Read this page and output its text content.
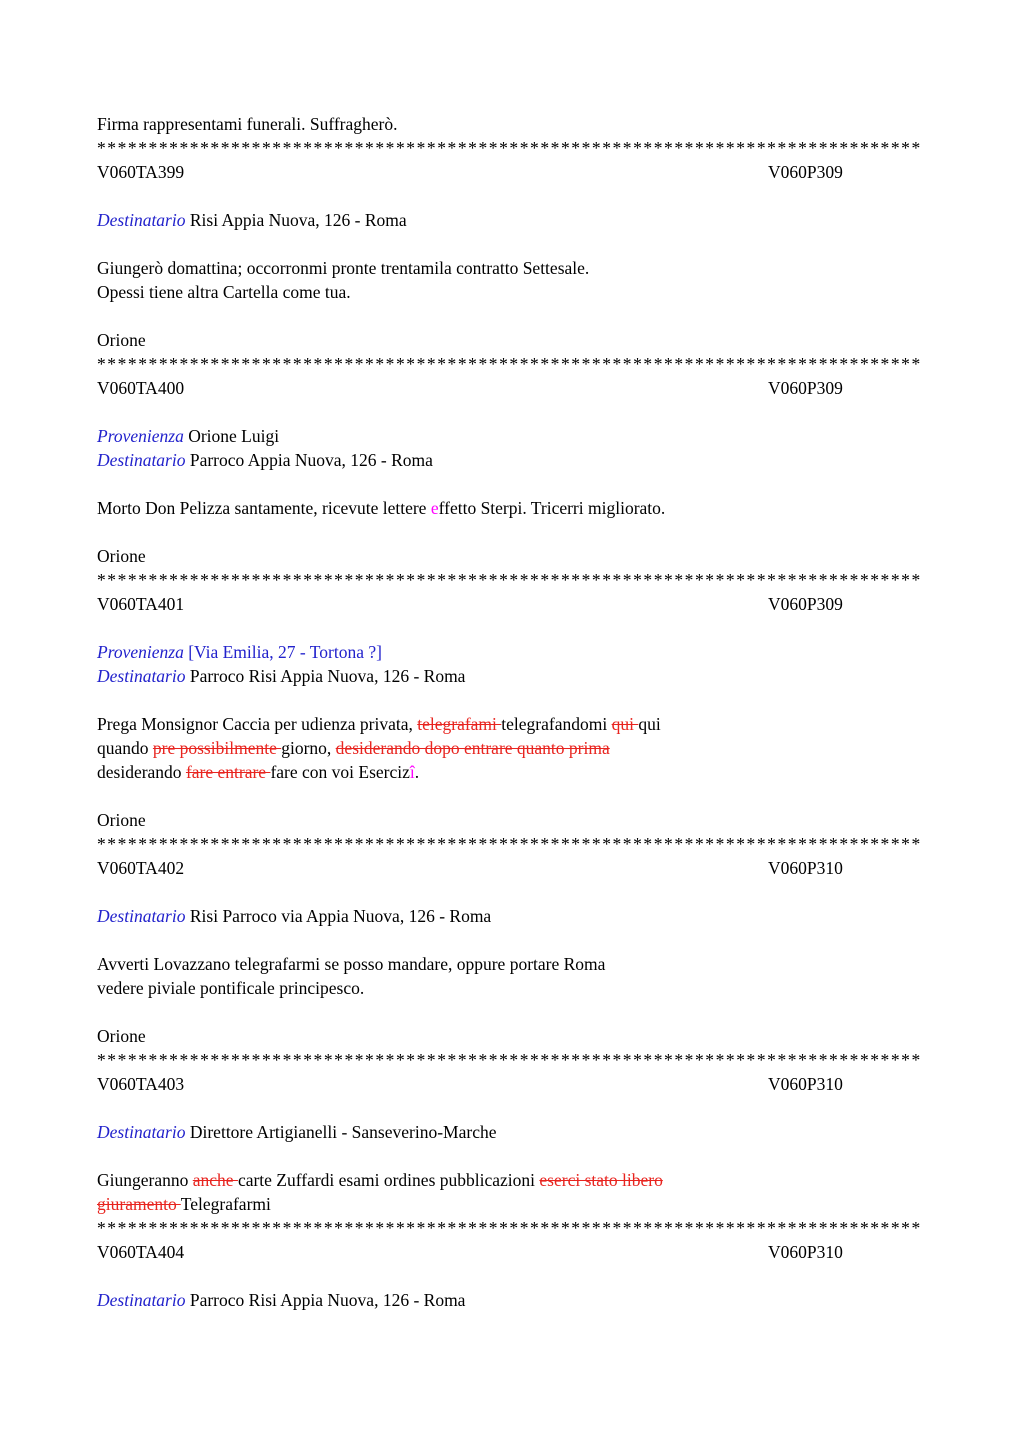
Firma rappresentami funerali. Suffragherò.
********************************************************************************
V060TA399	V060P309
Destinatario Risi Appia Nuova, 126 - Roma
Giungerò domattina; occorronmi pronte trentamila contratto Settesale.
Opessi tiene altra Cartella come tua.
Orione
********************************************************************************
V060TA400	V060P309
Provenienza Orione Luigi
Destinatario Parroco Appia Nuova, 126 - Roma
Morto Don Pelizza santamente, ricevute lettere effetto Sterpi. Tricerri migliorato.
Orione
********************************************************************************
V060TA401	V060P309
Provenienza [Via Emilia, 27 - Tortona ?]
Destinatario Parroco Risi Appia Nuova, 126 - Roma
Prega Monsignor Caccia per udienza privata, telegrafami telegrafandomi qui qui
quando pre possibilmente giorno, desiderando dopo entrare quanto prima
desiderando fare entrare fare con voi Esercizî.
Orione
********************************************************************************
V060TA402	V060P310
Destinatario Risi Parroco via Appia Nuova, 126 - Roma
Avverti Lovazzano telegrafarmi se posso mandare, oppure portare Roma
vedere piviale pontificale principesco.
Orione
********************************************************************************
V060TA403	V060P310
Destinatario Direttore Artigianelli - Sanseverino-Marche
Giungeranno anche carte Zuffardi esami ordines pubblicazioni eserci stato libero
giuramento Telegrafarmi
********************************************************************************
V060TA404	V060P310
Destinatario Parroco Risi Appia Nuova, 126 - Roma
